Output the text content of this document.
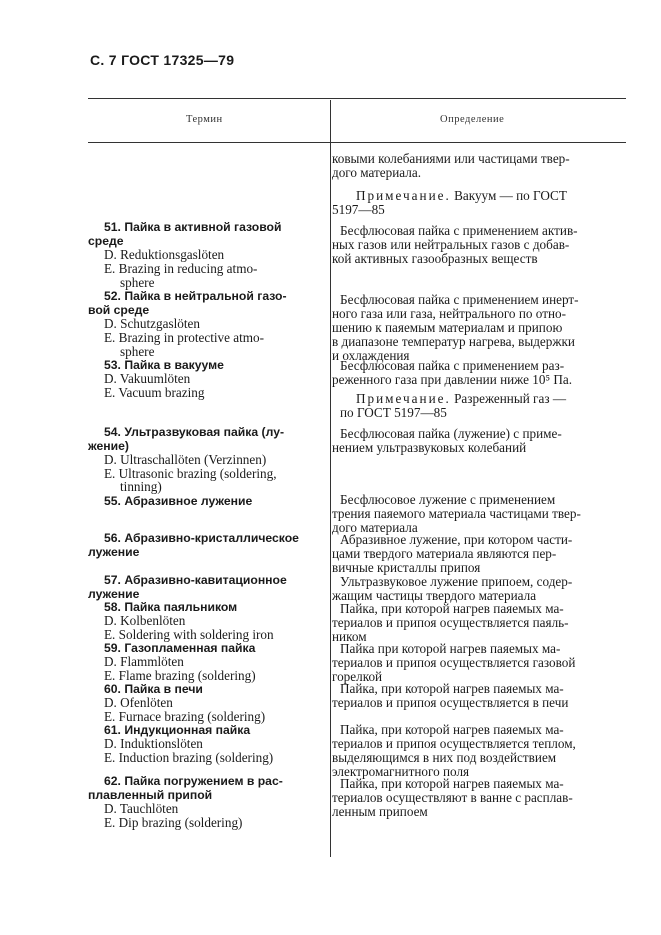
С. 7 ГОСТ 17325—79
Термин	Определение
51. Пайка в активной газовой
среде
D. Reduktionsgaslöten
E. Brazing in reducing atmo-
sphere
52. Пайка в нейтральной газо-
вой среде
D. Schutzgaslöten
E. Brazing in protective atmo-
sphere
53. Пайка в вакууме
D. Vakuumlöten
E. Vacuum brazing
54. Ультразвуковая пайка (лу-
жение)
D. Ultraschallöten (Verzinnen)
E. Ultrasonic brazing (soldering,
tinning)
55. Абразивное лужение
56. Абразивно-кристаллическое
лужение
57. Абразивно-кавитационное
лужение
58. Пайка паяльником
D. Kolbenlöten
E. Soldering with soldering iron
59. Газопламенная пайка
D. Flammlöten
E. Flame brazing (soldering)
60. Пайка в печи
D. Ofenlöten
E. Furnace brazing (soldering)
61. Индукционная пайка
D. Induktionslöten
E. Induction brazing (soldering)
62. Пайка погружением в рас-
плавленный припой
D. Tauchlöten
E. Dip brazing (soldering)
ковыми колебаниями или частицами твер-
дого материала.
Примечание. Вакуум — по ГОСТ
5197—85
Бесфлюсовая пайка с применением актив-
ных газов или нейтральных газов с добав-
кой активных газообразных веществ
Бесфлюсовая пайка с применением инерт-
ного газа или газа, нейтрального по отно-
шению к паяемым материалам и припою
в диапазоне температур нагрева, выдержки
и охлаждения
Бесфлюсовая пайка с применением раз-
реженного газа при давлении ниже 10⁵ Па.
Примечание. Разреженный газ —
по ГОСТ 5197—85
Бесфлюсовая пайка (лужение) с приме-
нением ультразвуковых колебаний
Бесфлюсовое лужение с применением
трения паяемого материала частицами твер-
дого материала
Абразивное лужение, при котором части-
цами твердого материала являются пер-
вичные кристаллы припоя
Ультразвуковое лужение припоем, содер-
жащим частицы твердого материала
Пайка, при которой нагрев паяемых ма-
териалов и припоя осуществляется паяль-
ником
Пайка при которой нагрев паяемых ма-
териалов и припоя осуществляется газовой
горелкой
Пайка, при которой нагрев паяемых ма-
териалов и припоя осуществляется в печи
Пайка, при которой нагрев паяемых ма-
териалов и припоя осуществляется теплом,
выделяющимся в них под воздействием
электромагнитного поля
Пайка, при которой нагрев паяемых ма-
териалов осуществляют в ванне с расплав-
ленным припоем
